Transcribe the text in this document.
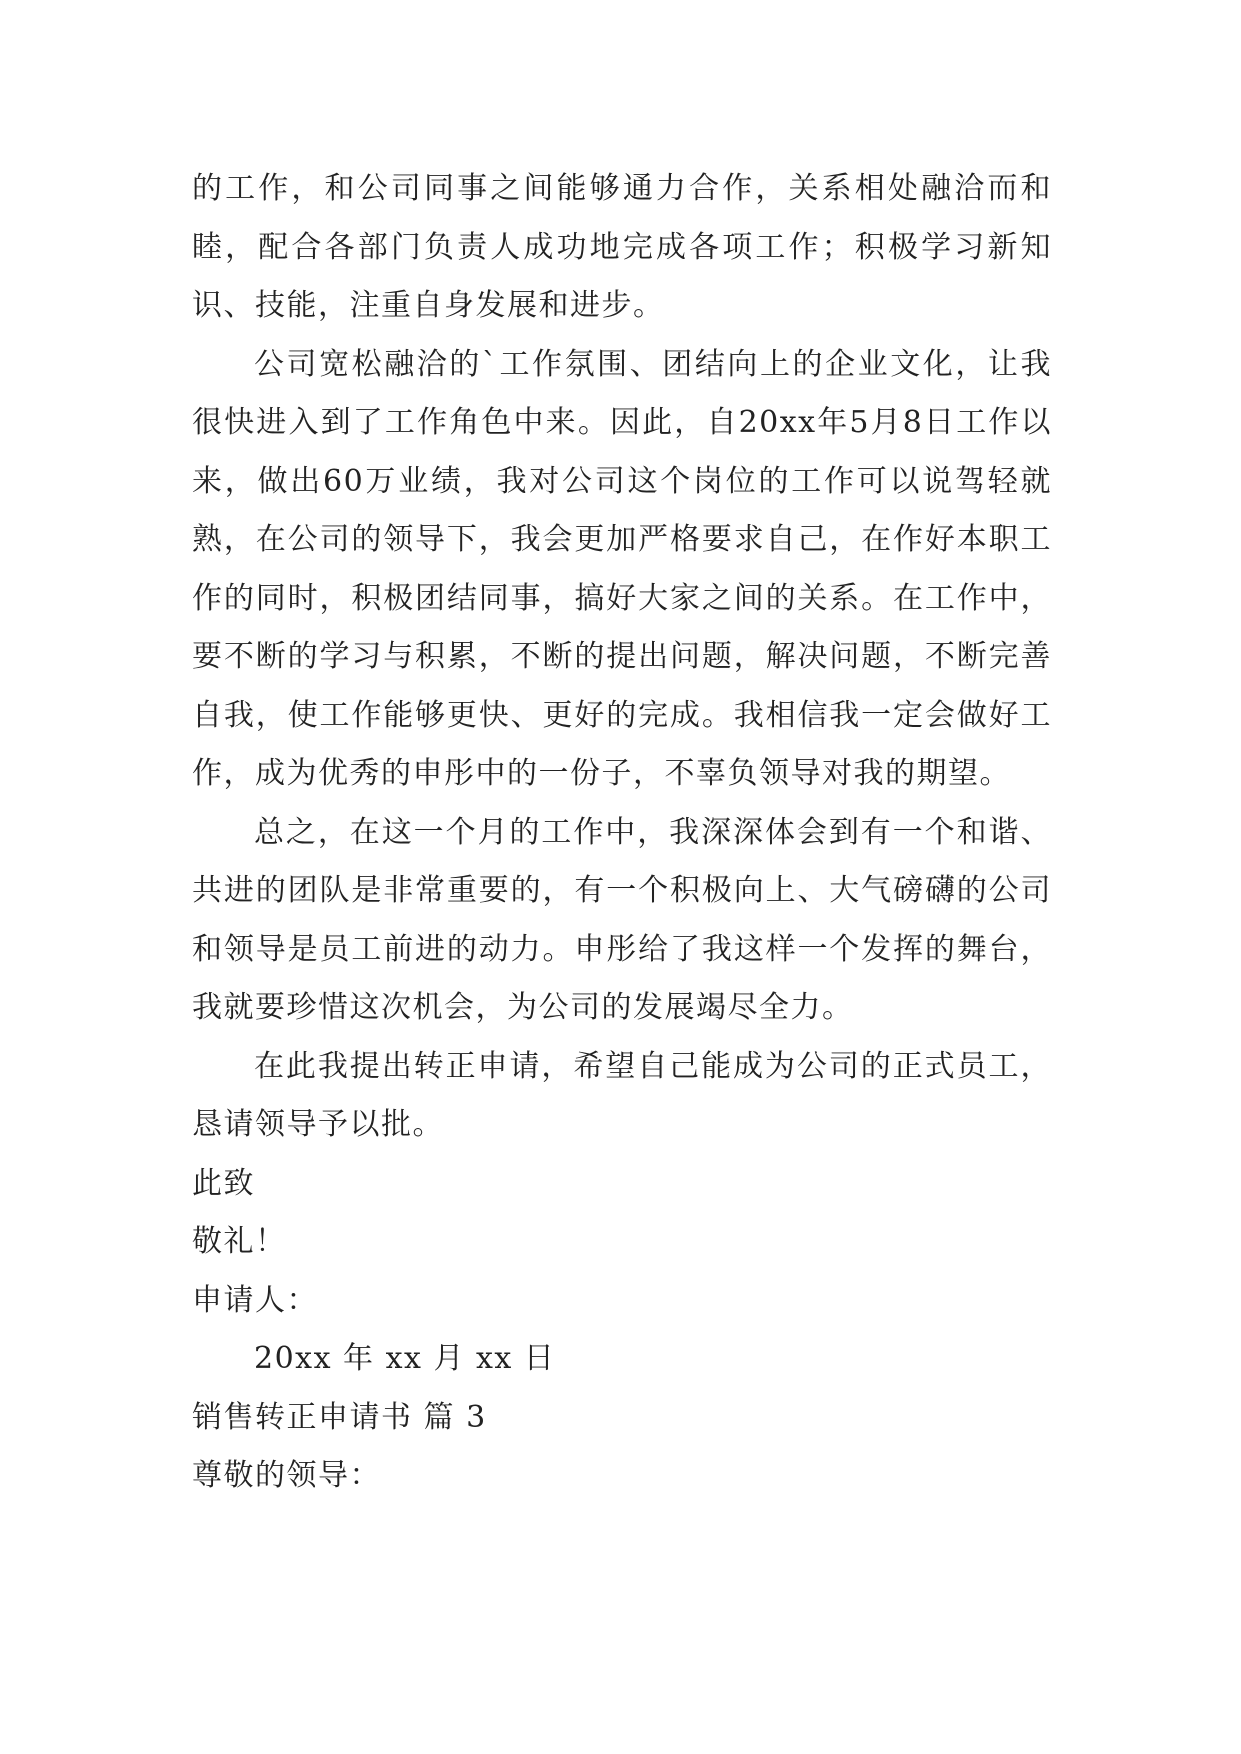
的工作，和公司同事之间能够通力合作，关系相处融洽而和睦，配合各部门负责人成功地完成各项工作；积极学习新知识、技能，注重自身发展和进步。

公司宽松融洽的`工作氛围、团结向上的企业文化，让我很快进入到了工作角色中来。因此，自20xx年5月8日工作以来，做出60万业绩，我对公司这个岗位的工作可以说驾轻就熟，在公司的领导下，我会更加严格要求自己，在作好本职工作的同时，积极团结同事，搞好大家之间的关系。在工作中，要不断的学习与积累，不断的提出问题，解决问题，不断完善自我，使工作能够更快、更好的完成。我相信我一定会做好工作，成为优秀的申彤中的一份子，不辜负领导对我的期望。

总之，在这一个月的工作中，我深深体会到有一个和谐、共进的团队是非常重要的，有一个积极向上、大气磅礴的公司和领导是员工前进的动力。申彤给了我这样一个发挥的舞台，我就要珍惜这次机会，为公司的发展竭尽全力。

在此我提出转正申请，希望自己能成为公司的正式员工，恳请领导予以批。

此致

敬礼！

申请人：

20xx 年 xx 月 xx 日

销售转正申请书 篇 3

尊敬的领导：
